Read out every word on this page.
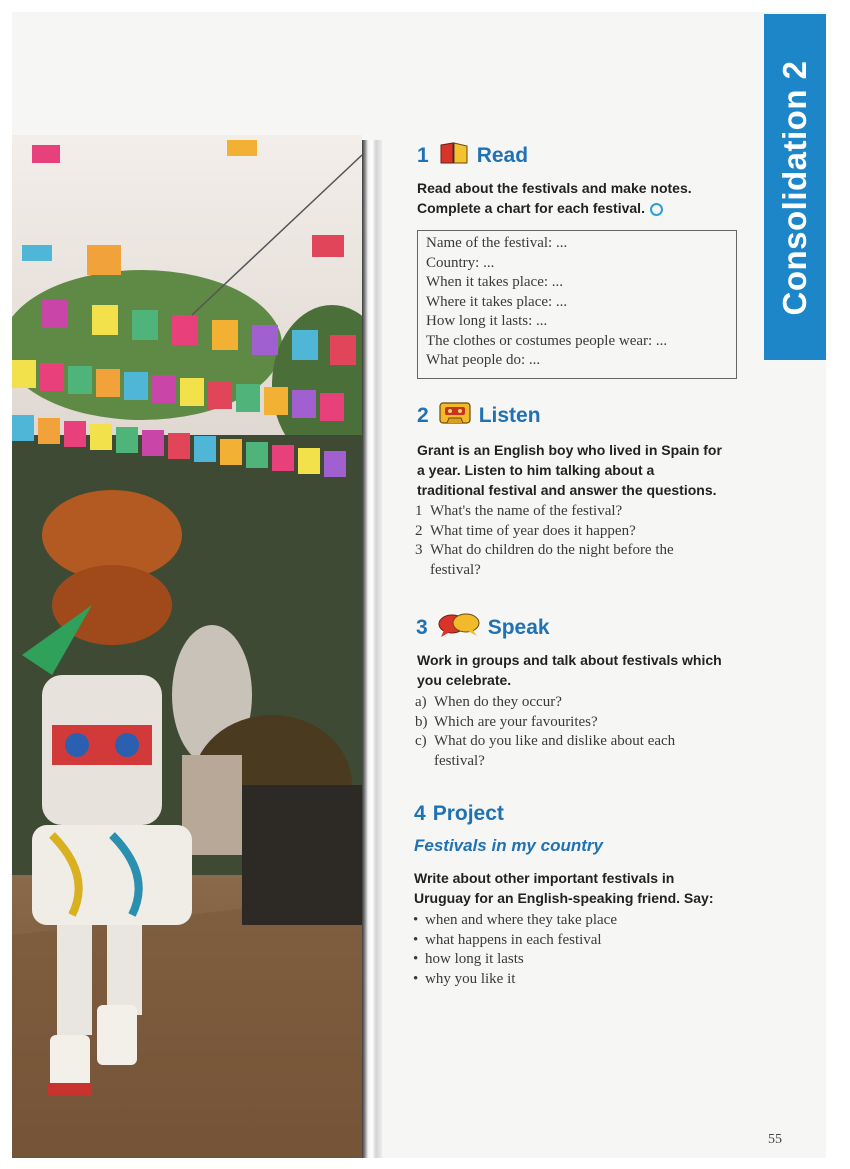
Consolidation 2
1 Read
Read about the festivals and make notes.
Complete a chart for each festival.
Name of the festival: ...
Country: ...
When it takes place: ...
Where it takes place: ...
How long it lasts: ...
The clothes or costumes people wear: ...
What people do: ...
2 Listen
Grant is an English boy who lived in Spain for
a year. Listen to him talking about a
traditional festival and answer the questions.
1 What's the name of the festival?
2 What time of year does it happen?
3 What do children do the night before the
festival?
3	Speak
Work in groups and talk about festivals which
you celebrate.
a) When do they occur?
b) Which are your favourites?
c) What do you like and dislike about each
festival?
4 Project
Festivals in my country
Write about other important festivals in
Uruguay for an English-speaking friend. Say:
• when and where they take place
• what happens in each festival
• how long it lasts
• why you like it
55
